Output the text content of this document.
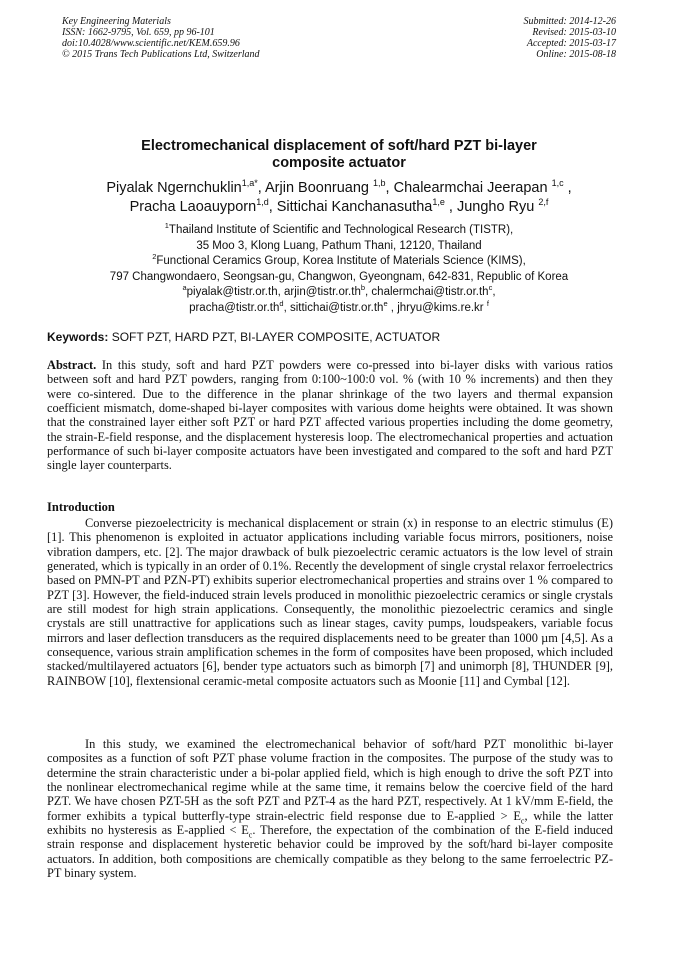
Key Engineering Materials
ISSN: 1662-9795, Vol. 659, pp 96-101
doi:10.4028/www.scientific.net/KEM.659.96
© 2015 Trans Tech Publications Ltd, Switzerland
Submitted: 2014-12-26
Revised: 2015-03-10
Accepted: 2015-03-17
Online: 2015-08-18
Electromechanical displacement of soft/hard PZT bi-layer
composite actuator
Piyalak Ngernchuklin$^{1,a*}$, Arjin Boonruang $^{1,b}$, Chalearmchai Jeerapan $^{1,c}$ ,
Pracha Laoauyporn$^{1,d}$, Sittichai Kanchanasutha$^{1,e}$ , Jungho Ryu $^{2,f}$
$^1$Thailand Institute of Scientific and Technological Research (TISTR),
35 Moo 3, Klong Luang, Pathum Thani, 12120, Thailand
$^2$Functional Ceramics Group, Korea Institute of Materials Science (KIMS),
797 Changwondaero, Seongsan-gu, Changwon, Gyeongnam, 642-831, Republic of Korea
$^a$piyalak@tistr.or.th, $arjin@tistr.or.th^b$, $chalermchai@tistr.or.th^c$,
$pracha@tistr.or.th^d$, $sittichai@tistr.or.th^e$ , jhryu@kims.re.kr $^f$
Keywords: SOFT PZT, HARD PZT, BI-LAYER COMPOSITE, ACTUATOR
Abstract. In this study, soft and hard PZT powders were co-pressed into bi-layer disks with various ratios between soft and hard PZT powders, ranging from 0:100~100:0 vol. % (with 10 % increments) and then they were co-sintered. Due to the difference in the planar shrinkage of the two layers and thermal expansion coefficient mismatch, dome-shaped bi-layer composites with various dome heights were obtained. It was shown that the constrained layer either soft PZT or hard PZT affected various properties including the dome geometry, the strain-E-field response, and the displacement hysteresis loop. The electromechanical properties and actuation performance of such bi-layer composite actuators have been investigated and compared to the soft and hard PZT single layer counterparts.
Introduction
Converse piezoelectricity is mechanical displacement or strain (x) in response to an electric stimulus (E) [1]. This phenomenon is exploited in actuator applications including variable focus mirrors, positioners, noise vibration dampers, etc. [2]. The major drawback of bulk piezoelectric ceramic actuators is the low level of strain generated, which is typically in an order of 0.1%. Recently the development of single crystal relaxor ferroelectrics based on PMN-PT and PZN-PT) exhibits superior electromechanical properties and strains over 1 % compared to PZT [3]. However, the field-induced strain levels produced in monolithic piezoelectric ceramics or single crystals are still modest for high strain applications. Consequently, the monolithic piezoelectric ceramics and single crystals are still unattractive for applications such as linear stages, cavity pumps, loudspeakers, variable focus mirrors and laser deflection transducers as the required displacements need to be greater than 1000 µm [4,5]. As a consequence, various strain amplification schemes in the form of composites have been proposed, which included stacked/multilayered actuators [6], bender type actuators such as bimorph [7] and unimorph [8], THUNDER [9], RAINBOW [10], flextensional ceramic-metal composite actuators such as Moonie [11] and Cymbal [12].
In this study, we examined the electromechanical behavior of soft/hard PZT monolithic bi-layer composites as a function of soft PZT phase volume fraction in the composites. The purpose of the study was to determine the strain characteristic under a bi-polar applied field, which is high enough to drive the soft PZT into the nonlinear electromechanical regime while at the same time, it remains below the coercive field of the hard PZT. We have chosen PZT-5H as the soft PZT and PZT-4 as the hard PZT, respectively. At 1 kV/mm E-field, the former exhibits a typical butterfly-type strain-electric field response due to E-applied > $E_c$, while the latter exhibits no hysteresis as E-applied < $E_c$. Therefore, the expectation of the combination of the E-field induced strain response and displacement hysteretic behavior could be improved by the soft/hard bi-layer composite actuators. In addition, both compositions are chemically compatible as they belong to the same ferroelectric PZ-PT binary system.
